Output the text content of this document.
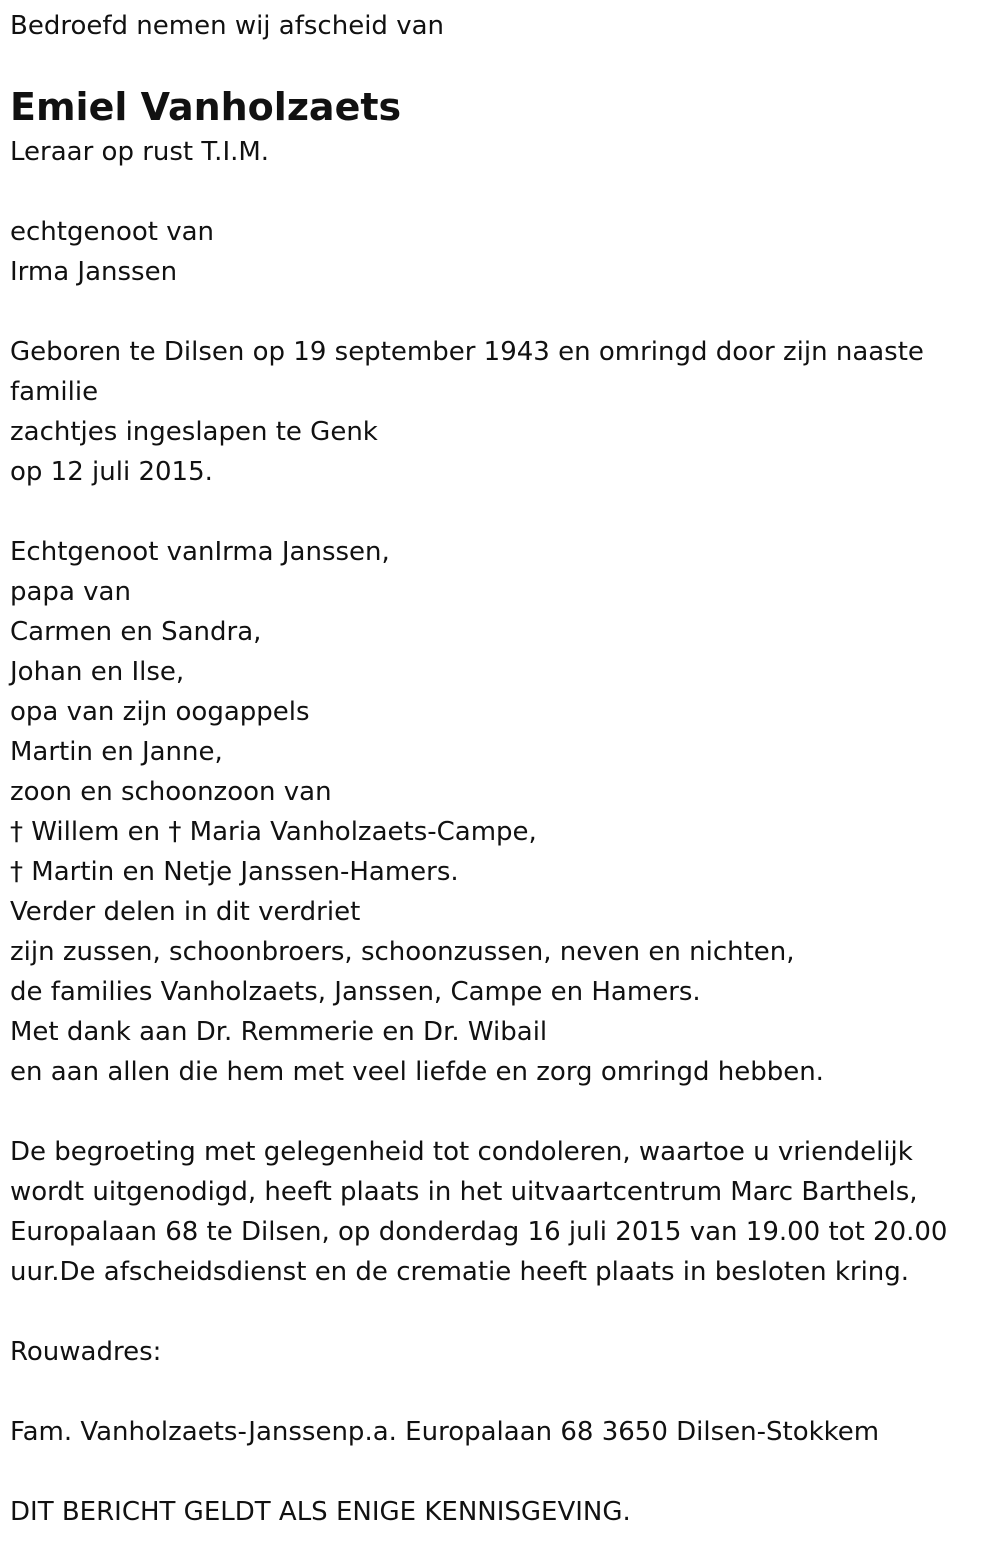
Bedroefd nemen wij afscheid van
Emiel Vanholzaets
Leraar op rust T.I.M.
echtgenoot van
Irma Janssen
Geboren te Dilsen op 19 september 1943 en omringd door zijn naaste
familie
zachtjes ingeslapen te Genk
op 12 juli 2015.
Echtgenoot vanIrma Janssen,
papa van
Carmen en Sandra,
Johan en Ilse,
opa van zijn oogappels
Martin en Janne,
zoon en schoonzoon van
† Willem en † Maria Vanholzaets-Campe,
† Martin en Netje Janssen-Hamers.
Verder delen in dit verdriet
zijn zussen, schoonbroers, schoonzussen, neven en nichten,
de families Vanholzaets, Janssen, Campe en Hamers.
Met dank aan Dr. Remmerie en Dr. Wibail
en aan allen die hem met veel liefde en zorg omringd hebben.
De begroeting met gelegenheid tot condoleren, waartoe u vriendelijk
wordt uitgenodigd, heeft plaats in het uitvaartcentrum Marc Barthels,
Europalaan 68 te Dilsen, op donderdag 16 juli 2015 van 19.00 tot 20.00
uur.De afscheidsdienst en de crematie heeft plaats in besloten kring.
Rouwadres:
Fam. Vanholzaets-Janssenp.a. Europalaan 68 3650 Dilsen-Stokkem
DIT BERICHT GELDT ALS ENIGE KENNISGEVING.
